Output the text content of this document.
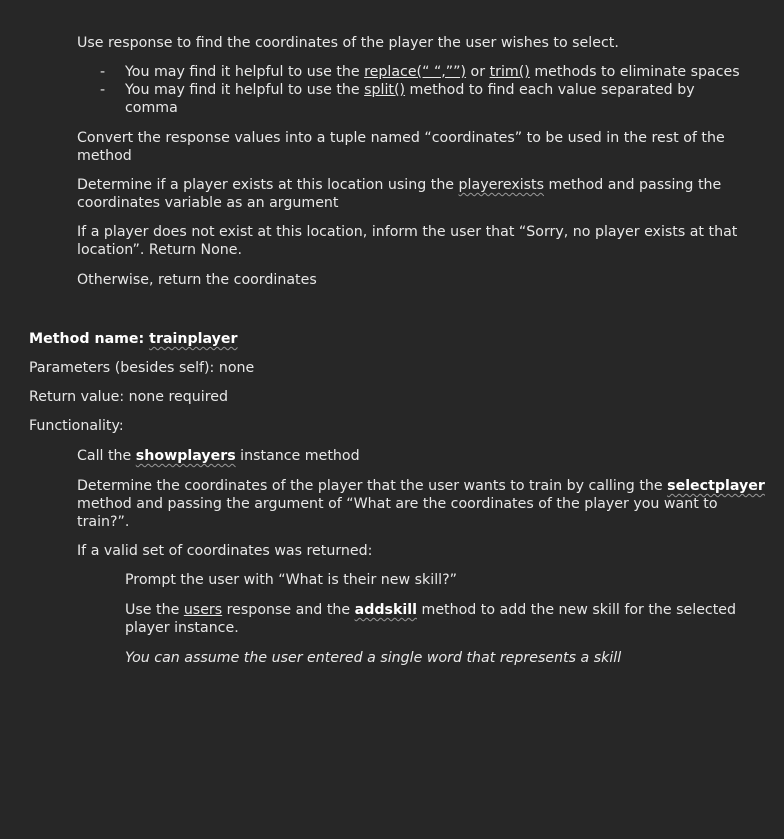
Use response to find the coordinates of the player the user wishes to select.

- You may find it helpful to use the replace(“ “,””) or trim() methods to eliminate spaces

- You may find it helpful to use the split() method to find each value separated by
comma

Convert the response values into a tuple named “coordinates” to be used in the rest of the
method

Determine if a player exists at this location using the playerexists method and passing the
coordinates variable as an argument

If a player does not exist at this location, inform the user that “Sorry, no player exists at that
location”. Return None.

Otherwise, return the coordinates

Method name: trainplayer

Parameters (besides self): none

Return value: none required

Functionality:

Call the showplayers instance method

Determine the coordinates of the player that the user wants to train by calling the selectplayer
method and passing the argument of “What are the coordinates of the player you want to
train?”.

If a valid set of coordinates was returned:

Prompt the user with “What is their new skill?”

Use the users response and the addskill method to add the new skill for the selected
player instance.

You can assume the user entered a single word that represents a skill
